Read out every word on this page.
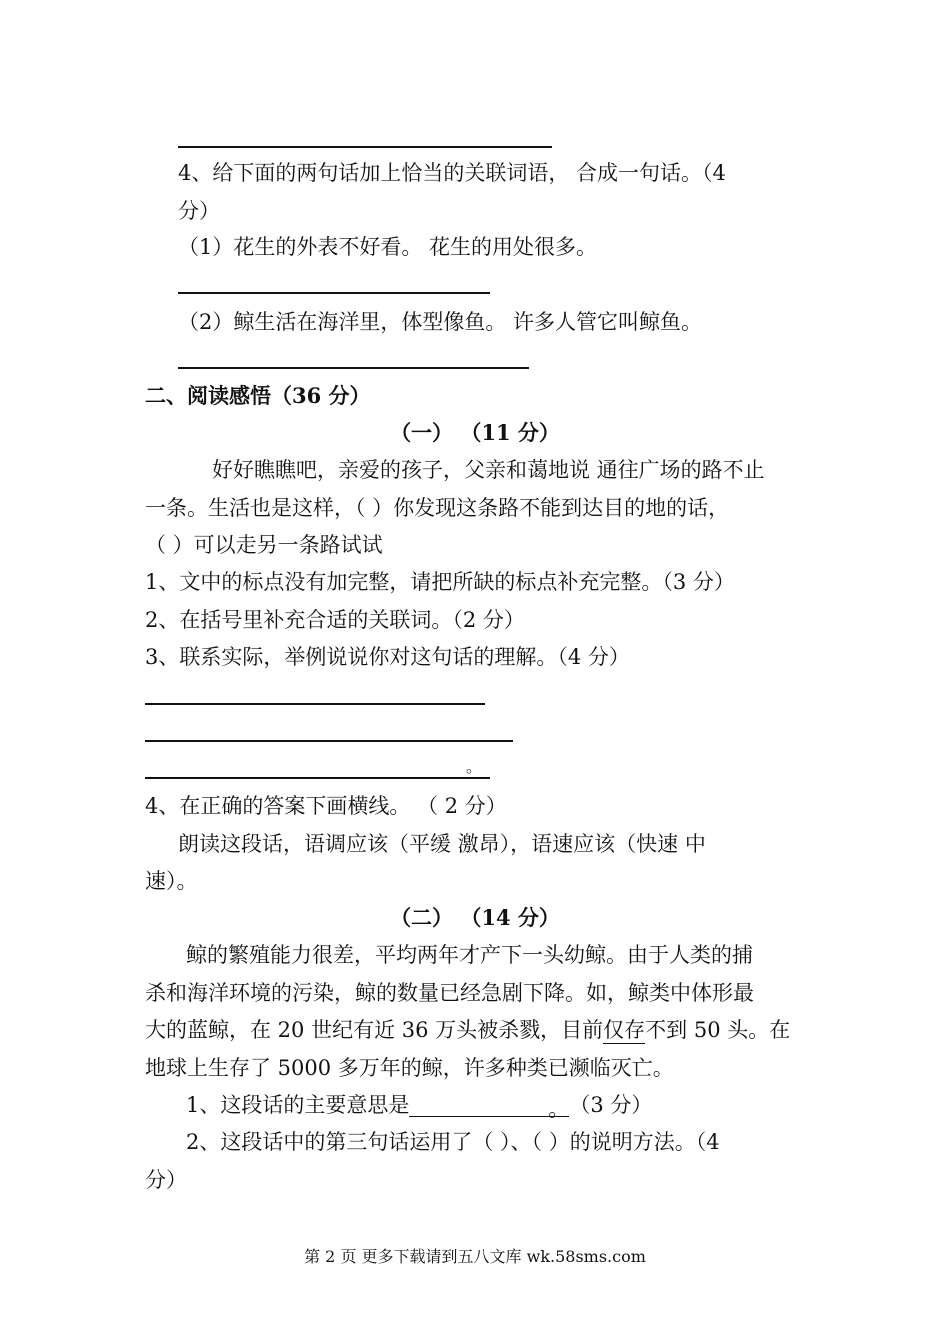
4、给下面的两句话加上恰当的关联词语， 合成一句话。（4
分）
（1）花生的外表不好看。 花生的用处很多。
（2）鲸生活在海洋里，体型像鱼。 许多人管它叫鲸鱼。
二、阅读感悟（36 分）
（一） （11 分）
好好瞧瞧吧，亲爱的孩子，父亲和蔼地说 通往广场的路不止
一条。生活也是这样，（ ）你发现这条路不能到达目的地的话，
（ ）可以走另一条路试试
1、文中的标点没有加完整，请把所缺的标点补充完整。（3 分）
2、在括号里补充合适的关联词。（2 分）
3、联系实际，举例说说你对这句话的理解。（4 分）
。
4、在正确的答案下画横线。 （ 2 分）
朗读这段话，语调应该（平缓 激昂），语速应该（快速 中
速）。
（二） （14 分）
鲸的繁殖能力很差，平均两年才产下一头幼鲸。由于人类的捕
杀和海洋环境的污染，鲸的数量已经急剧下降。如，鲸类中体形最
大的蓝鲸，在 20 世纪有近 36 万头被杀戮，目前仅存不到 50 头。在
地球上生存了 5000 多万年的鲸，许多种类已濒临灭亡。
1、这段话的主要意思是	。（3 分）
2、这段话中的第三句话运用了（ ）、（ ）的说明方法。（4
分）
第 2 页 更多下载请到五八文库 wk.58sms.com
